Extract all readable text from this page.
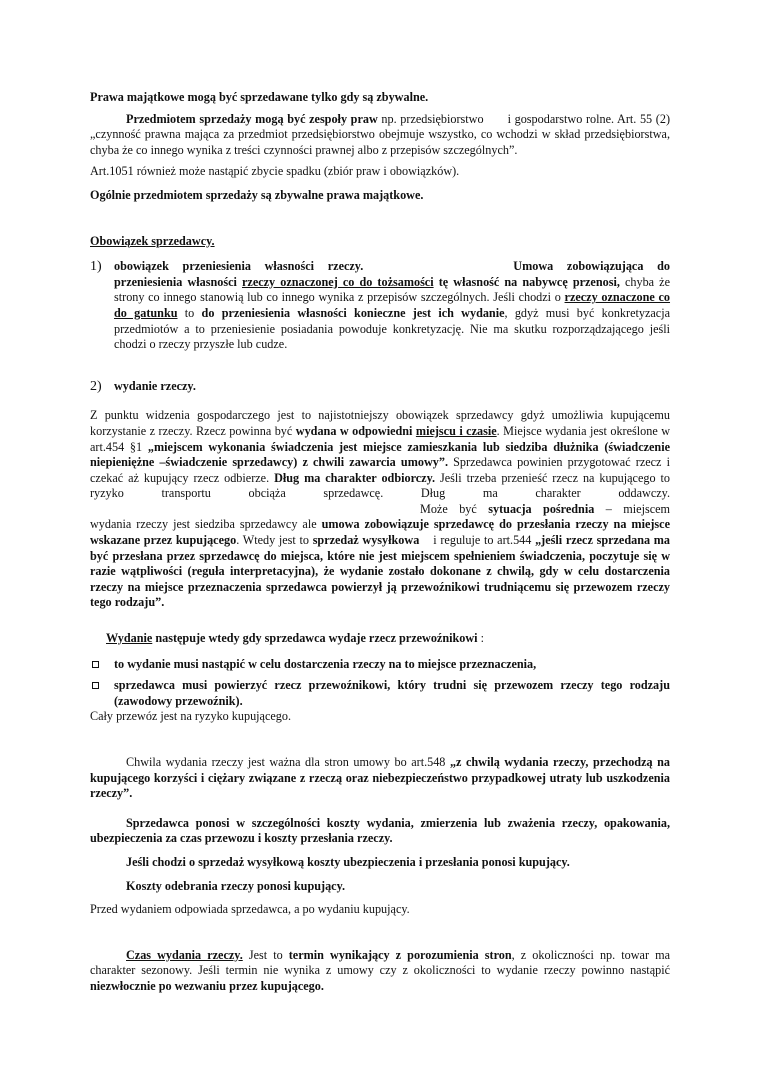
Prawa majątkowe mogą być sprzedawane tylko gdy są zbywalne.

Przedmiotem sprzedaży mogą być zespoły praw np. przedsiębiorstwo i gospodarstwo rolne. Art. 55 (2) „czynność prawna mająca za przedmiot przedsiębiorstwo obejmuje wszystko, co wchodzi w skład przedsiębiorstwa, chyba że co innego wynika z treści czynności prawnej albo z przepisów szczególnych”.

Art.1051 również może nastąpić zbycie spadku (zbiór praw i obowiązków).

Ogólnie przedmiotem sprzedaży są zbywalne prawa majątkowe.

Obowiązek sprzedawcy.

1) obowiązek przeniesienia własności rzeczy.	Umowa zobowiązująca do przeniesienia własności rzeczy oznaczonej co do tożsamości tę własność na nabywcę przenosi, chyba że strony co innego stanowią lub co innego wynika z przepisów szczególnych. Jeśli chodzi o rzeczy oznaczone co do gatunku to do przeniesienia własności konieczne jest ich wydanie, gdyż musi być konkretyzacja przedmiotów a to przeniesienie posiadania powoduje konkretyzację. Nie ma skutku rozporządzającego jeśli chodzi o rzeczy przyszłe lub cudze.

2) wydanie rzeczy.

Z punktu widzenia gospodarczego jest to najistotniejszy obowiązek sprzedawcy gdyż umożliwia kupującemu korzystanie z rzeczy. Rzecz powinna być wydana w odpowiedni miejscu i czasie. Miejsce wydania jest określone w art.454 §1 „miejscem wykonania świadczenia jest miejsce zamieszkania lub siedziba dłużnika (świadczenie niepieniężne –świadczenie sprzedawcy) z chwili zawarcia umowy”. Sprzedawca powinien przygotować rzecz i czekać aż kupujący rzecz odbierze. Dług ma charakter odbiorczy. Jeśli trzeba przenieść rzecz na kupującego to ryzyko transportu obciąża sprzedawcę. Dług ma charakter oddawczy.Może być sytuacja pośrednia – miejscem wydania rzeczy jest siedziba sprzedawcy ale umowa zobowiązuje sprzedawcę do przesłania rzeczy na miejsce wskazane przez kupującego. Wtedy jest to sprzedaż wysyłkowa i reguluje to art.544 „jeśli rzecz sprzedana ma być przesłana przez sprzedawcę do miejsca, które nie jest miejscem spełnieniem świadczenia, poczytuje się w razie wątpliwości (reguła interpretacyjna), że wydanie zostało dokonane z chwilą, gdy w celu dostarczenia rzeczy na miejsce przeznaczenia sprzedawca powierzył ją przewoźnikowi trudniącemu się przewozem rzeczy tego rodzaju”.

Wydanie następuje wtedy gdy sprzedawca wydaje rzecz przewoźnikowi :

to wydanie musi nastąpić w celu dostarczenia rzeczy na to miejsce przeznaczenia,

sprzedawca musi powierzyć rzecz przewoźnikowi, który trudni się przewozem rzeczy tego rodzaju (zawodowy przewoźnik).

Cały przewóz jest na ryzyko kupującego.

Chwila wydania rzeczy jest ważna dla stron umowy bo art.548 „z chwilą wydania rzeczy, przechodzą na kupującego korzyści i ciężary związane z rzeczą oraz niebezpieczeństwo przypadkowej utraty lub uszkodzenia rzeczy”.

Sprzedawca ponosi w szczególności koszty wydania, zmierzenia lub zważenia rzeczy, opakowania, ubezpieczenia za czas przewozu i koszty przesłania rzeczy.

Jeśli chodzi o sprzedaż wysyłkową koszty ubezpieczenia i przesłania ponosi kupujący.

Koszty odebrania rzeczy ponosi kupujący.

Przed wydaniem odpowiada sprzedawca, a po wydaniu kupujący.

Czas wydania rzeczy. Jest to termin wynikający z porozumienia stron, z okoliczności np. towar ma charakter sezonowy. Jeśli termin nie wynika z umowy czy z okoliczności to wydanie rzeczy powinno nastąpić niezwłocznie po wezwaniu przez kupującego.
